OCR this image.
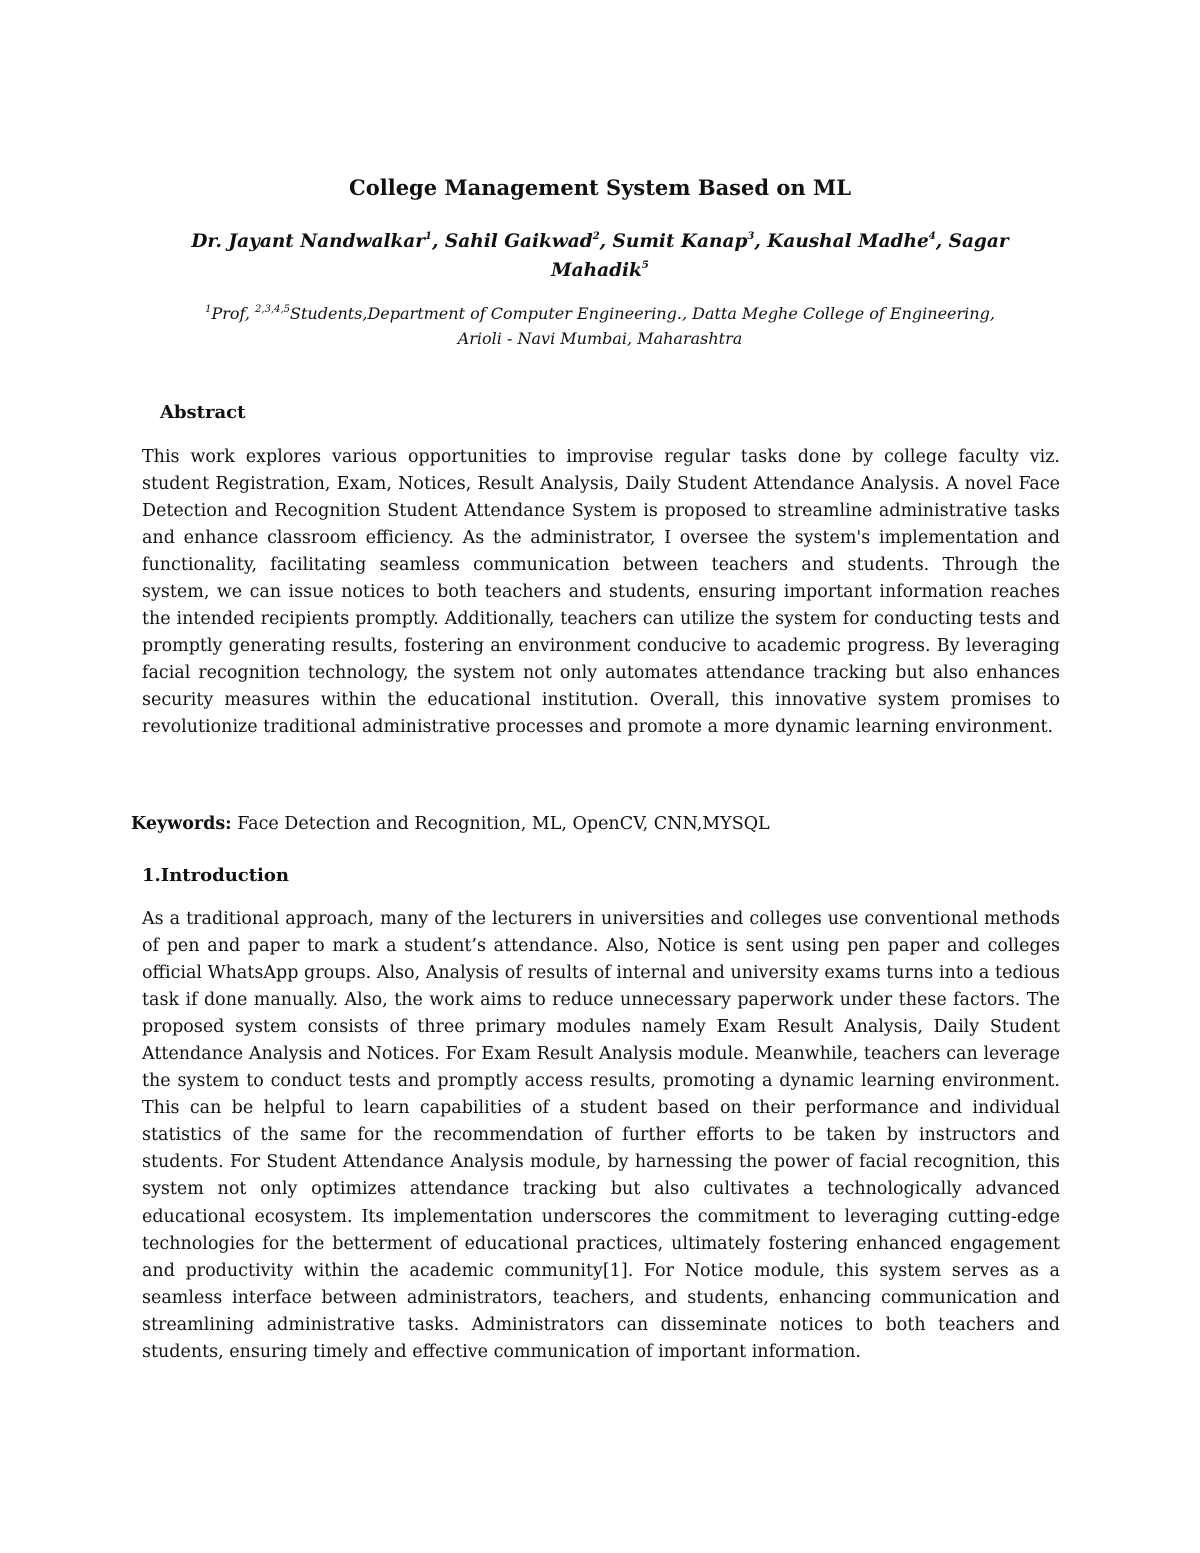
College Management System Based on ML
Dr. Jayant Nandwalkar$^1$, Sahil Gaikwad$^2$, Sumit Kanap$^3$, Kaushal Madhe$^4$, Sagar Mahadik$^5$
$^1$Prof, $^{2,3,4,5}$Students,Department of Computer Engineering., Datta Meghe College of Engineering,
Arioli - Navi Mumbai, Maharashtra
Abstract
This work explores various opportunities to improvise regular tasks done by college faculty viz. student Registration, Exam, Notices, Result Analysis, Daily Student Attendance Analysis. A novel Face Detection and Recognition Student Attendance System is proposed to streamline administrative tasks and enhance classroom efficiency. As the administrator, I oversee the system's implementation and functionality, facilitating seamless communication between teachers and students. Through the system, we can issue notices to both teachers and students, ensuring important information reaches the intended recipients promptly. Additionally, teachers can utilize the system for conducting tests and promptly generating results, fostering an environment conducive to academic progress. By leveraging facial recognition technology, the system not only automates attendance tracking but also enhances security measures within the educational institution. Overall, this innovative system promises to revolutionize traditional administrative processes and promote a more dynamic learning environment.
Keywords: Face Detection and Recognition, ML, OpenCV, CNN,MYSQL
1.Introduction
As a traditional approach, many of the lecturers in universities and colleges use conventional methods of pen and paper to mark a student’s attendance. Also, Notice is sent using pen paper and colleges official WhatsApp groups. Also, Analysis of results of internal and university exams turns into a tedious task if done manually. Also, the work aims to reduce unnecessary paperwork under these factors. The proposed system consists of three primary modules namely Exam Result Analysis, Daily Student Attendance Analysis and Notices. For Exam Result Analysis module. Meanwhile, teachers can leverage the system to conduct tests and promptly access results, promoting a dynamic learning environment. This can be helpful to learn capabilities of a student based on their performance and individual statistics of the same for the recommendation of further efforts to be taken by instructors and students. For Student Attendance Analysis module, by harnessing the power of facial recognition, this system not only optimizes attendance tracking but also cultivates a technologically advanced educational ecosystem. Its implementation underscores the commitment to leveraging cutting-edge technologies for the betterment of educational practices, ultimately fostering enhanced engagement and productivity within the academic community[1]. For Notice module, this system serves as a seamless interface between administrators, teachers, and students, enhancing communication and streamlining administrative tasks. Administrators can disseminate notices to both teachers and students, ensuring timely and effective communication of important information.
